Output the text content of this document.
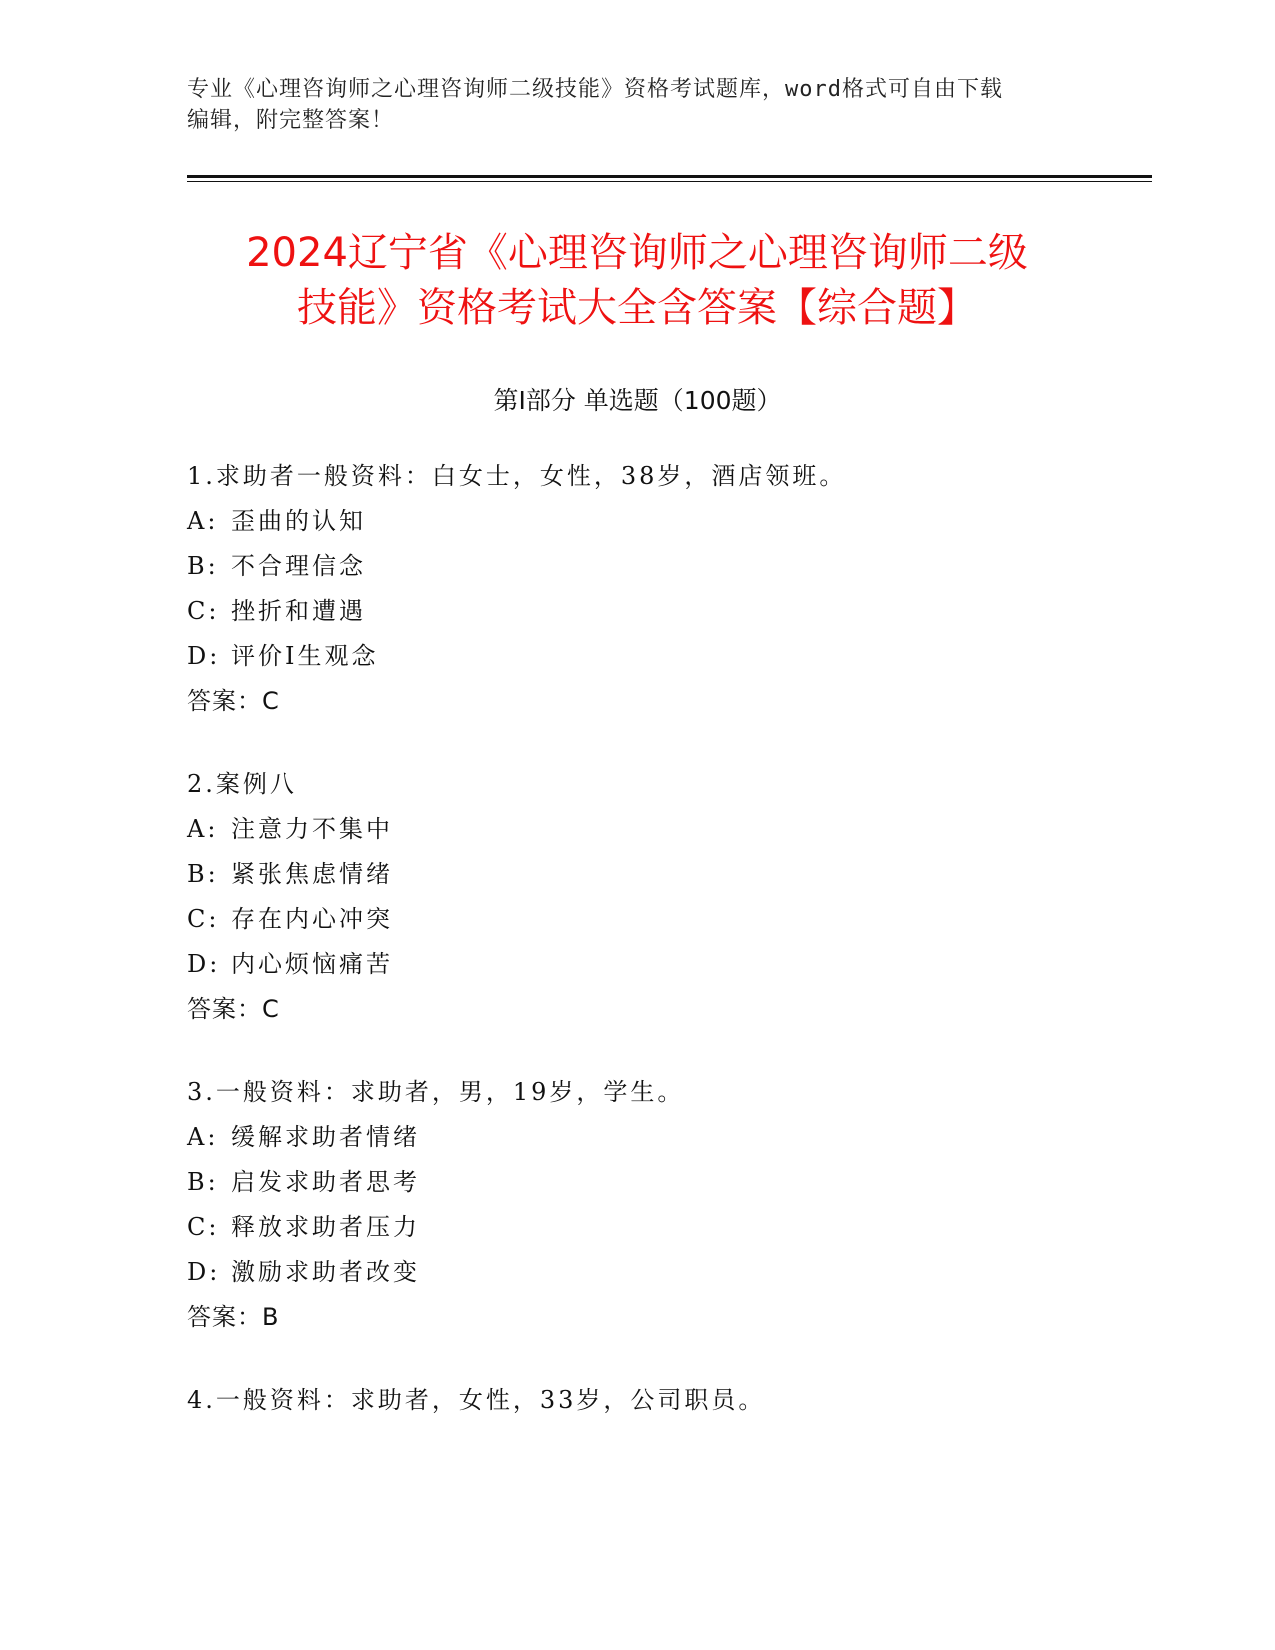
专业《心理咨询师之心理咨询师二级技能》资格考试题库，word格式可自由下载
编辑，附完整答案！
2024辽宁省《心理咨询师之心理咨询师二级
技能》资格考试大全含答案【综合题】
第Ⅰ部分 单选题（100题）
1.求助者一般资料：白女士，女性，38岁，酒店领班。
A: 歪曲的认知
B: 不合理信念
C: 挫折和遭遇
D: 评价Ⅰ生观念
答案：C
2.案例八
A: 注意力不集中
B: 紧张焦虑情绪
C: 存在内心冲突
D: 内心烦恼痛苦
答案：C
3.一般资料：求助者，男，19岁，学生。
A: 缓解求助者情绪
B: 启发求助者思考
C: 释放求助者压力
D: 激励求助者改变
答案：B
4.一般资料：求助者，女性，33岁，公司职员。
